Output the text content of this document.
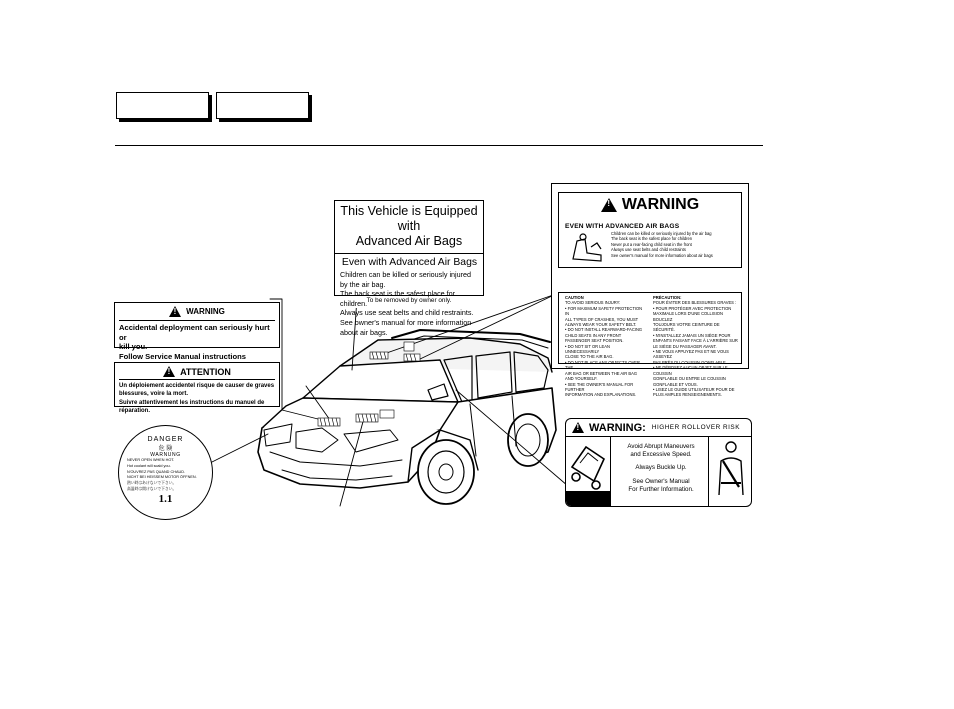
This Vehicle is Equipped with
Advanced Air Bags
Even with Advanced Air Bags
Children can be killed or seriously injured by the air bag.
The back seat is the safest place for children.
Always use seat belts and child restraints.
See owner's manual for more information about air bags.
To be removed by owner only.
!
WARNING
EVEN WITH ADVANCED AIR BAGS
Children can be killed or seriously injured by the air bag
The back seat is the safest place for children
Never put a rear-facing child seat in the front
Always use seat belts and child restraints
See owner's manual for more information about air bags
CAUTION
TO AVOID SERIOUS INJURY:
• FOR MAXIMUM SAFETY PROTECTION IN
ALL TYPES OF CRASHES, YOU MUST
ALWAYS WEAR YOUR SAFETY BELT.
• DO NOT INSTALL REARWARD-FACING
CHILD SEATS IN ANY FRONT
PASSENGER SEAT POSITION.
• DO NOT SIT OR LEAN UNNECESSARILY
CLOSE TO THE AIR BAG.
• DO NOT PLACE ANY OBJECTS OVER THE
AIR BAG OR BETWEEN THE AIR BAG
AND YOURSELF.
• SEE THE OWNER'S MANUAL FOR FURTHER
INFORMATION AND EXPLANATIONS.
PRÉCAUTION:
POUR ÉVITER DES BLESSURES GRAVES :
• POUR PROTÉGER AVEC PROTECTION
MAXIMALE LORS D'UNE COLLISION BOUCLEZ
TOUJOURS VOTRE CEINTURE DE SÉCURITÉ.
• N'INSTALLEZ JAMAIS UN SIÈGE POUR
ENFANTS FAISANT FACE À L'ARRIÈRE SUR
LE SIÈGE DU PASSAGER AVANT.
• NE VOUS APPUYEZ PAS ET NE VOUS ASSEYEZ
PAS PRÈS DU COUSSIN GONFLABLE.
• NE DÉPOSEZ AUCUN OBJET SUR LE COUSSIN
GONFLABLE OU ENTRE LE COUSSIN
GONFLABLE ET VOUS.
• LISEZ LE GUIDE UTILISATEUR POUR DE
PLUS AMPLES RENSEIGNEMENTS.
!
WARNING
Accidental deployment can seriously hurt or
kill you.
Follow Service Manual instructions
!
ATTENTION
Un déploiement accidentel risque de causer de graves
blessures, voire la mort.
Suivre attentivement les instructions du manuel de réparation.
DANGER
危 険
WARNUNG
NEVER OPEN WHEN HOT.
Hot coolant will scald you.
N'OUVREZ PAS QUAND CHAUD.
NICHT BEI HEISSEM MOTOR ÖFFNEN.
熱い時はあけないで下さい。
高温時は開けないで下さい。
1.1
!
WARNING: HIGHER ROLLOVER RISK
Avoid Abrupt Maneuvers
and Excessive Speed.
Always Buckle Up.
See Owner's Manual
For Further Information.
